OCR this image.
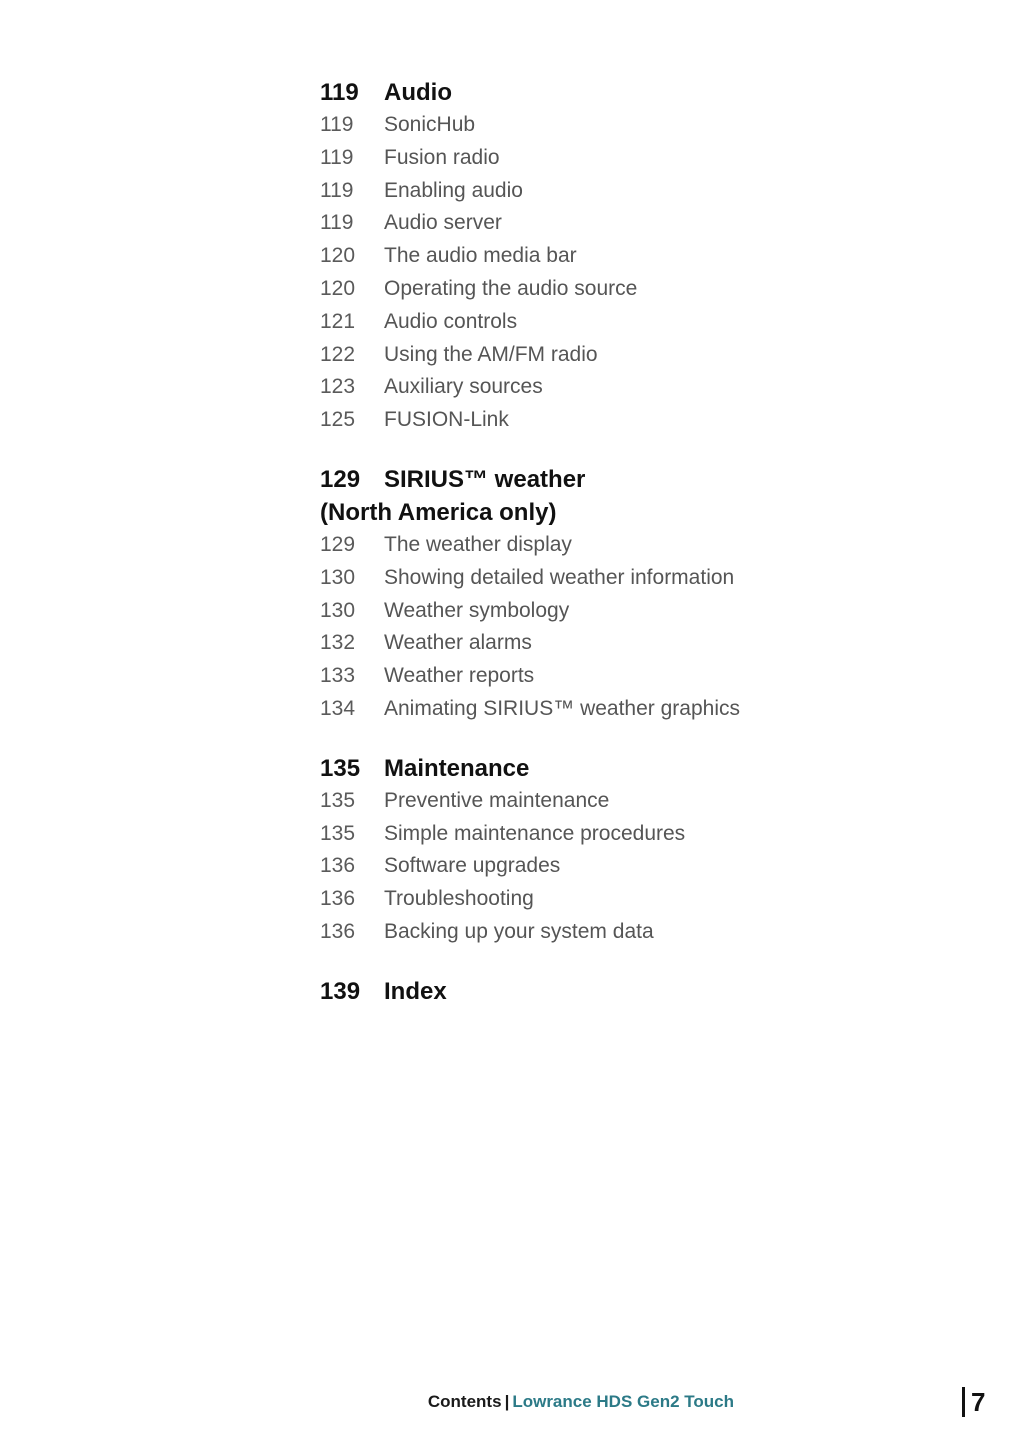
119	Audio
119	SonicHub
119	Fusion radio
119	Enabling audio
119	Audio server
120	The audio media bar
120	Operating the audio source
121	Audio controls
122	Using the AM/FM radio
123	Auxiliary sources
125	FUSION-Link
129 SIRIUS™ weather
(North America only)
129	The weather display
130	Showing detailed weather information
130	Weather symbology
132	Weather alarms
133	Weather reports
134	Animating SIRIUS™ weather graphics
135 Maintenance
135	Preventive maintenance
135	Simple maintenance procedures
136	Software upgrades
136	Troubleshooting
136	Backing up your system data
139 Index
Contents | Lowrance HDS Gen2 Touch	7
